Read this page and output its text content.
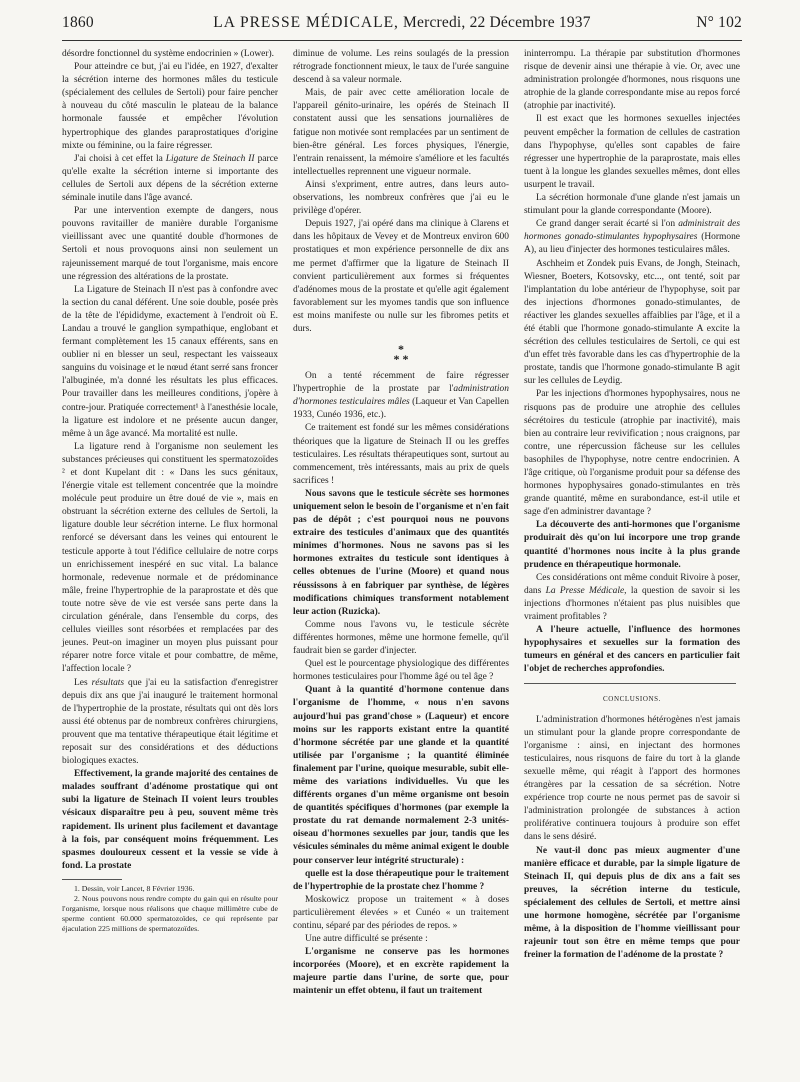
1860	LA PRESSE MÉDICALE, Mercredi, 22 Décembre 1937	N° 102

désordre fonctionnel du système endocrinien » (Lower).

Pour atteindre ce but, j'ai eu l'idée, en 1927, d'exalter la sécrétion interne des hormones mâles du testicule (spécialement des cellules de Sertoli) pour faire pencher à nouveau du côté masculin le plateau de la balance hormonale faussée et empêcher l'évolution hypertrophique des glandes paraprostatiques d'origine mixte ou féminine, ou la faire régresser.

J'ai choisi à cet effet la Ligature de Steinach II parce qu'elle exalte la sécrétion interne si importante des cellules de Sertoli aux dépens de la sécrétion externe séminale inutile dans l'âge avancé.

Par une intervention exempte de dangers, nous pouvons ravitailler de manière durable l'organisme vieillissant avec une quantité double d'hormones de Sertoli et nous provoquons ainsi non seulement un rajeunissement marqué de tout l'organisme, mais encore une régression des altérations de la prostate.

La Ligature de Steinach II n'est pas à confondre avec la section du canal déférent. Une soie double, posée près de la tête de l'épididyme, exactement à l'endroit où E. Landau a trouvé le ganglion sympathique, englobant et fermant complètement les 15 canaux efférents, sans en oublier ni en blesser un seul, respectant les vaisseaux sanguins du voisinage et le nœud étant serré sans froncer l'albuginée, m'a donné les résultats les plus efficaces. Pour travailler dans les meilleures conditions, j'opère à contre-jour. Pratiquée correctement¹ à l'anesthésie locale, la ligature est indolore et ne présente aucun danger, même à un âge avancé. Ma mortalité est nulle.

La ligature rend à l'organisme non seulement les substances précieuses qui constituent les spermatozoïdes ² et dont Kupelant dit : « Dans les sucs génitaux, l'énergie vitale est tellement concentrée que la moindre molécule peut produire un être doué de vie », mais en obstruant la sécrétion externe des cellules de Sertoli, la ligature double leur sécrétion interne. Le flux hormonal renforcé se déversant dans les veines qui entourent le testicule apporte à tout l'édifice cellulaire de notre corps un enrichissement inespéré en suc vital. La balance hormonale, redevenue normale et de prédominance mâle, freine l'hypertrophie de la paraprostate et dès que toute notre sève de vie est versée sans perte dans la circulation générale, dans l'ensemble du corps, des cellules vieilles sont résorbées et remplacées par des jeunes. Peut-on imaginer un moyen plus puissant pour réparer notre force vitale et pour combattre, de même, l'affection locale ?

Les résultats que j'ai eu la satisfaction d'enregistrer depuis dix ans que j'ai inauguré le traitement hormonal de l'hypertrophie de la prostate, résultats qui ont dès lors aussi été obtenus par de nombreux confrères chirurgiens, prouvent que ma tentative thérapeutique était légitime et reposait sur des considérations et des déductions biologiques exactes.

Effectivement, la grande majorité des centaines de malades souffrant d'adénome prostatique qui ont subi la ligature de Steinach II voient leurs troubles vésicaux disparaître peu à peu, souvent même très rapidement. Ils urinent plus facilement et davantage à la fois, par conséquent moins fréquemment. Les spasmes douloureux cessent et la vessie se vide à fond. La prostate

1. Dessin, voir Lancet, 8 Février 1936.

2. Nous pouvons nous rendre compte du gain qui en résulte pour l'organisme, lorsque nous réalisons que chaque millimètre cube de sperme contient 60.000 spermatozoïdes, ce qui représente par éjaculation 225 millions de spermatozoïdes.

diminue de volume. Les reins soulagés de la pression rétrograde fonctionnent mieux, le taux de l'urée sanguine descend à sa valeur normale.

Mais, de pair avec cette amélioration locale de l'appareil génito-urinaire, les opérés de Steinach II constatent aussi que les sensations journalières de fatigue non motivée sont remplacées par un sentiment de bien-être général. Les forces physiques, l'énergie, l'entrain renaissent, la mémoire s'améliore et les facultés intellectuelles reprennent une vigueur normale.

Ainsi s'expriment, entre autres, dans leurs auto-observations, les nombreux confrères que j'ai eu le privilège d'opérer.

Depuis 1927, j'ai opéré dans ma clinique à Clarens et dans les hôpitaux de Vevey et de Montreux environ 600 prostatiques et mon expérience personnelle de dix ans me permet d'affirmer que la ligature de Steinach II convient particulièrement aux formes si fréquentes d'adénomes mous de la prostate et qu'elle agit également favorablement sur les myomes tandis que son influence est moins manifeste ou nulle sur les fibromes petits et durs.

*
* *

On a tenté récemment de faire régresser l'hypertrophie de la prostate par l'administration d'hormones testiculaires mâles (Laqueur et Van Capellen 1933, Cunéo 1936, etc.).

Ce traitement est fondé sur les mêmes considérations théoriques que la ligature de Steinach II ou les greffes testiculaires. Les résultats thérapeutiques sont, surtout au commencement, très intéressants, mais au prix de quels sacrifices !

Nous savons que le testicule sécrète ses hormones uniquement selon le besoin de l'organisme et n'en fait pas de dépôt ; c'est pourquoi nous ne pouvons extraire des testicules d'animaux que des quantités minimes d'hormones. Nous ne savons pas si les hormones extraites du testicule sont identiques à celles obtenues de l'urine (Moore) et quand nous réussissons à en fabriquer par synthèse, de légères modifications chimiques transforment notablement leur action (Ruzicka).

Comme nous l'avons vu, le testicule sécrète différentes hormones, même une hormone femelle, qu'il faudrait bien se garder d'injecter.

Quel est le pourcentage physiologique des différentes hormones testiculaires pour l'homme âgé ou tel âge ?

Quant à la quantité d'hormone contenue dans l'organisme de l'homme, « nous n'en savons aujourd'hui pas grand'chose » (Laqueur) et encore moins sur les rapports existant entre la quantité d'hormone sécrétée par une glande et la quantité utilisée par l'organisme ; la quantité éliminée finalement par l'urine, quoique mesurable, subit elle-même des variations individuelles. Vu que les différents organes d'un même organisme ont besoin de quantités spécifiques d'hormones (par exemple la prostate du rat demande normalement 2-3 unités-oiseau d'hormones sexuelles par jour, tandis que les vésicules séminales du même animal exigent le double pour conserver leur intégrité structurale) :

quelle est la dose thérapeutique pour le traitement de l'hypertrophie de la prostate chez l'homme ?

Moskowicz propose un traitement « à doses particulièrement élevées » et Cunéo « un traitement continu, séparé par des périodes de repos. »

Une autre difficulté se présente :

L'organisme ne conserve pas les hormones incorporées (Moore), et en excrète rapidement la majeure partie dans l'urine, de sorte que, pour maintenir un effet obtenu, il faut un traitement

ininterrompu. La thérapie par substitution d'hormones risque de devenir ainsi une thérapie à vie. Or, avec une administration prolongée d'hormones, nous risquons une atrophie de la glande correspondante mise au repos forcé (atrophie par inactivité).

Il est exact que les hormones sexuelles injectées peuvent empêcher la formation de cellules de castration dans l'hypophyse, qu'elles sont capables de faire régresser une hypertrophie de la paraprostate, mais elles tuent à la longue les glandes sexuelles mêmes, dont elles usurpent le travail.

La sécrétion hormonale d'une glande n'est jamais un stimulant pour la glande correspondante (Moore).

Ce grand danger serait écarté si l'on administrait des hormones gonado-stimulantes hypophysaires (Hormone A), au lieu d'injecter des hormones testiculaires mâles.

Aschheim et Zondek puis Evans, de Jongh, Steinach, Wiesner, Boeters, Kotsovsky, etc..., ont tenté, soit par l'implantation du lobe antérieur de l'hypophyse, soit par des injections d'hormones gonado-stimulantes, de réactiver les glandes sexuelles affaiblies par l'âge, et il a été établi que l'hormone gonado-stimulante A excite la sécrétion des cellules testiculaires de Sertoli, ce qui est d'un effet très favorable dans les cas d'hypertrophie de la prostate, tandis que l'hormone gonado-stimulante B agit sur les cellules de Leydig.

Par les injections d'hormones hypophysaires, nous ne risquons pas de produire une atrophie des cellules sécrétoires du testicule (atrophie par inactivité), mais bien au contraire leur revivification ; nous craignons, par contre, une répercussion fâcheuse sur les cellules basophiles de l'hypophyse, notre centre endocrinien. A l'âge critique, où l'organisme produit pour sa défense des hormones hypophysaires gonado-stimulantes en très grande quantité, même en surabondance, est-il utile et sage d'en administrer davantage ?

La découverte des anti-hormones que l'organisme produirait dès qu'on lui incorpore une trop grande quantité d'hormones nous incite à la plus grande prudence en thérapeutique hormonale.

Ces considérations ont même conduit Rivoire à poser, dans La Presse Médicale, la question de savoir si les injections d'hormones n'étaient pas plus nuisibles que vraiment profitables ?

A l'heure actuelle, l'influence des hormones hypophysaires et sexuelles sur la formation des tumeurs en général et des cancers en particulier fait l'objet de recherches approfondies.

CONCLUSIONS.

L'administration d'hormones hétérogènes n'est jamais un stimulant pour la glande propre correspondante de l'organisme : ainsi, en injectant des hormones testiculaires, nous risquons de faire du tort à la glande sexuelle même, qui réagit à l'apport des hormones étrangères par la cessation de sa sécrétion. Notre expérience trop courte ne nous permet pas de savoir si l'administration prolongée de substances à action proliférative continuera toujours à produire son effet dans le sens désiré.

Ne vaut-il donc pas mieux augmenter d'une manière efficace et durable, par la simple ligature de Steinach II, qui depuis plus de dix ans a fait ses preuves, la sécrétion interne du testicule, spécialement des cellules de Sertoli, et mettre ainsi une hormone homogène, sécrétée par l'organisme même, à la disposition de l'homme vieillissant pour rajeunir tout son être en même temps que pour freiner la formation de l'adénome de la prostate ?
